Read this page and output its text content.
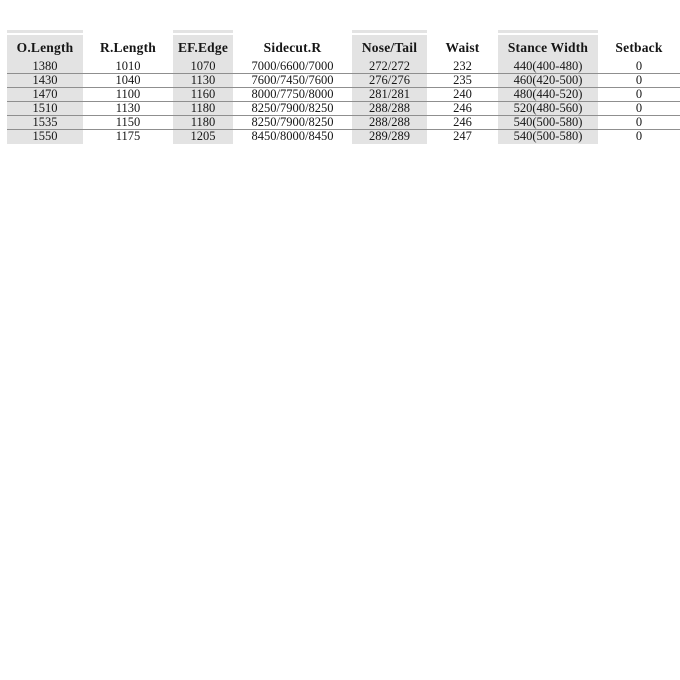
O.Length	R.Length	EF.Edge	Sidecut.R	Nose/Tail	Waist	Stance Width	Setback
1380	1010	1070	7000/6600/7000	272/272	232	440(400-480)	0
1430	1040	1130	7600/7450/7600	276/276	235	460(420-500)	0
1470	1100	1160	8000/7750/8000	281/281	240	480(440-520)	0
1510	1130	1180	8250/7900/8250	288/288	246	520(480-560)	0
1535	1150	1180	8250/7900/8250	288/288	246	540(500-580)	0
1550	1175	1205	8450/8000/8450	289/289	247	540(500-580)	0
